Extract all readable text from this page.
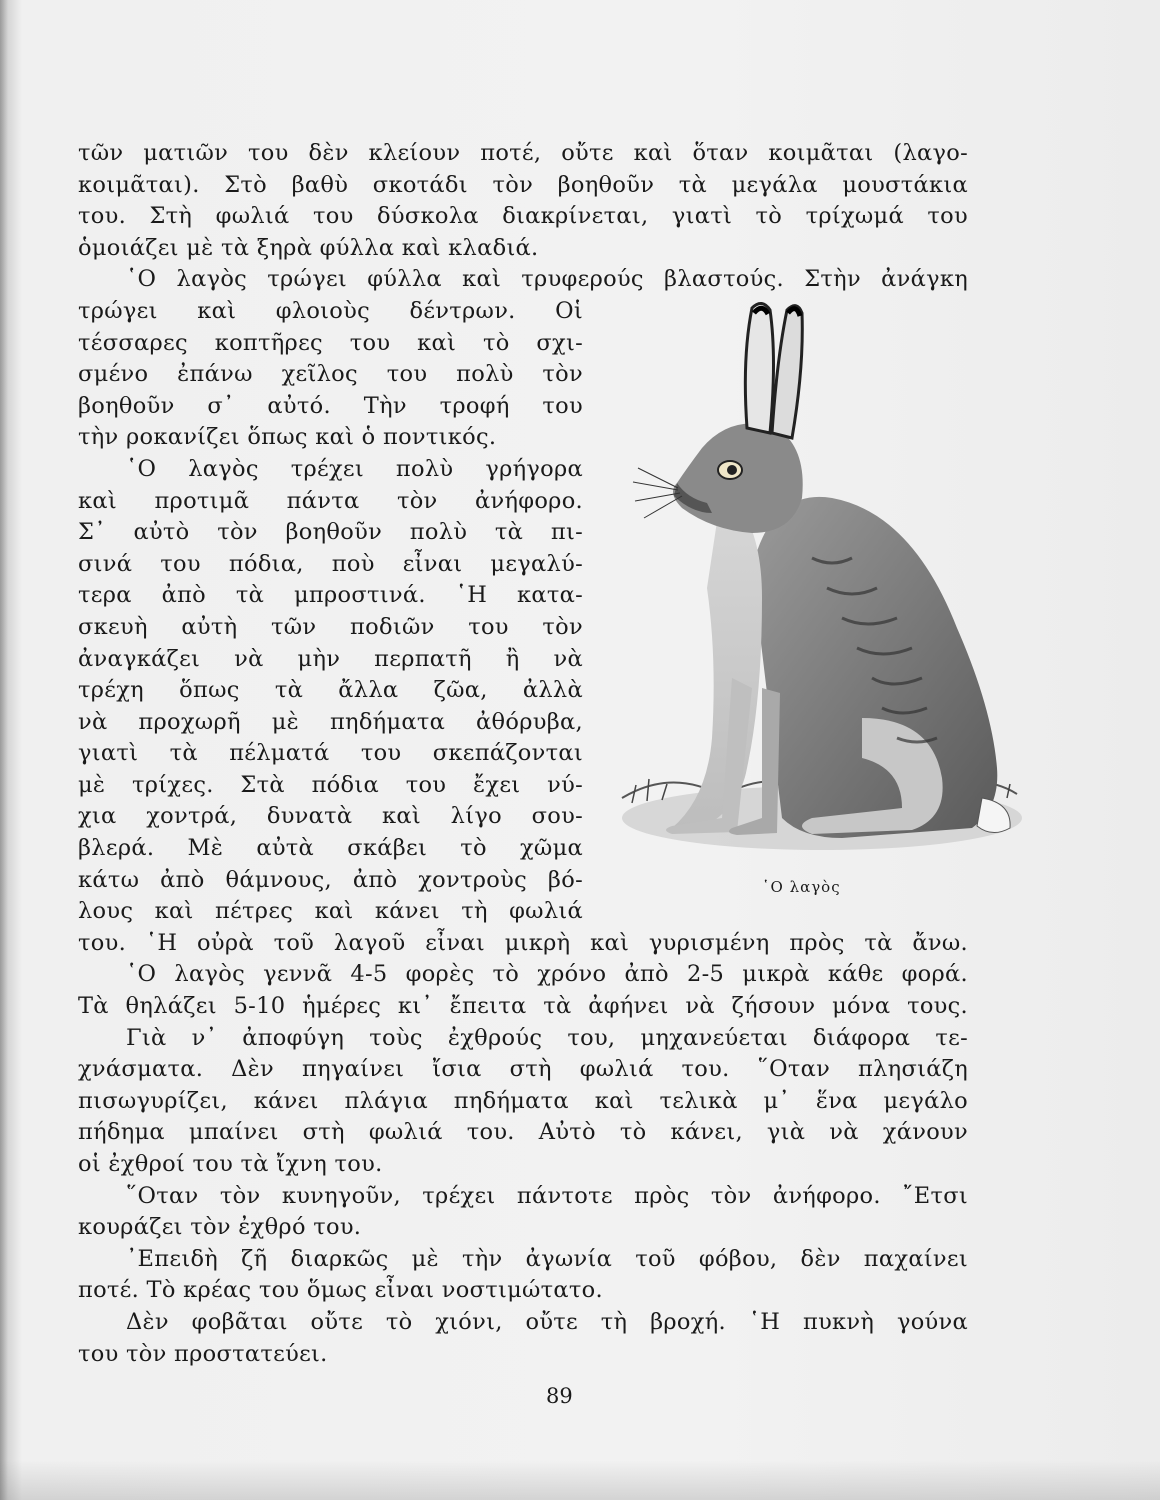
τῶν ματιῶν του δὲν κλείουν ποτέ, οὔτε καὶ ὅταν κοιμᾶται (λαγο-
κοιμᾶται). Στὸ βαθὺ σκοτάδι τὸν βοηθοῦν τὰ μεγάλα μουστάκια
του. Στὴ φωλιά του δύσκολα διακρίνεται, γιατὶ τὸ τρίχωμά του
ὁμοιάζει μὲ τὰ ξηρὰ φύλλα καὶ κλαδιά.
῾Ο λαγὸς τρώγει φύλλα καὶ τρυφερούς βλαστούς. Στὴν ἀνάγκη
τρώγει καὶ φλοιοὺς δέντρων. Οἱ
τέσσαρες κοπτῆρες του καὶ τὸ σχι-
σμένο ἐπάνω χεῖλος του πολὺ τὸν
βοηθοῦν σ᾿ αὐτό. Τὴν τροφή του
τὴν ροκανίζει ὅπως καὶ ὁ ποντικός.
῾Ο λαγὸς τρέχει πολὺ γρήγορα
καὶ προτιμᾶ πάντα τὸν ἀνήφορο.
Σ᾿ αὐτὸ τὸν βοηθοῦν πολὺ τὰ πι-
σινά του πόδια, ποὺ εἶναι μεγαλύ-
τερα ἀπὸ τὰ μπροστινά. ῾Η κατα-
σκευὴ αὐτὴ τῶν ποδιῶν του τὸν
ἀναγκάζει νὰ μὴν περπατῆ ἢ νὰ
τρέχη ὅπως τὰ ἄλλα ζῶα, ἀλλὰ
νὰ προχωρῆ μὲ πηδήματα ἀθόρυβα,
γιατὶ τὰ πέλματά του σκεπάζονται
μὲ τρίχες. Στὰ πόδια του ἔχει νύ-
χια χοντρά, δυνατὰ καὶ λίγο σου-
βλερά. Μὲ αὐτὰ σκάβει τὸ χῶμα
κάτω ἀπὸ θάμνους, ἀπὸ χοντροὺς βό-
λους καὶ πέτρες καὶ κάνει τὴ φωλιά
του. ῾Η οὐρὰ τοῦ λαγοῦ εἶναι μικρὴ καὶ γυρισμένη πρὸς τὰ ἄνω.
῾Ο λαγὸς γεννᾶ 4-5 φορὲς τὸ χρόνο ἀπὸ 2-5 μικρὰ κάθε φορά.
Τὰ θηλάζει 5-10 ἡμέρες κι᾿ ἔπειτα τὰ ἀφήνει νὰ ζήσουν μόνα τους.
Γιὰ ν᾿ ἀποφύγη τοὺς ἐχθρούς του, μηχανεύεται διάφορα τε-
χνάσματα. Δὲν πηγαίνει ἴσια στὴ φωλιά του. ῞Οταν πλησιάζη
πισωγυρίζει, κάνει πλάγια πηδήματα καὶ τελικὰ μ᾿ ἕνα μεγάλο
πήδημα μπαίνει στὴ φωλιά του. Αὐτὸ τὸ κάνει, γιὰ νὰ χάνουν
οἱ ἐχθροί του τὰ ἴχνη του.
῞Οταν τὸν κυνηγοῦν, τρέχει πάντοτε πρὸς τὸν ἀνήφορο. ῎Ετσι
κουράζει τὸν ἐχθρό του.
᾿Επειδὴ ζῆ διαρκῶς μὲ τὴν ἀγωνία τοῦ φόβου, δὲν παχαίνει
ποτέ. Τὸ κρέας του ὅμως εἶναι νοστιμώτατο.
Δὲν φοβᾶται οὔτε τὸ χιόνι, οὔτε τὴ βροχή. ῾Η πυκνὴ γούνα
του τὸν προστατεύει.
῾Ο λαγὸς
89
